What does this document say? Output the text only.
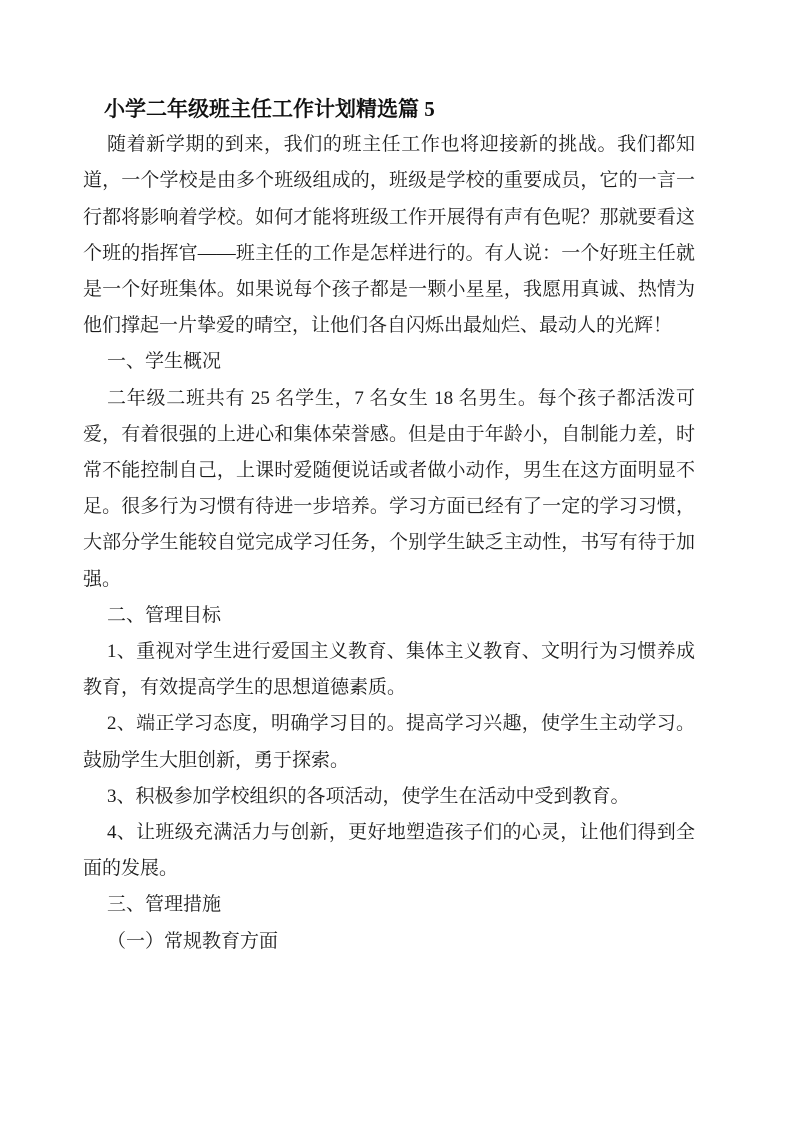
小学二年级班主任工作计划精选篇 5

随着新学期的到来，我们的班主任工作也将迎接新的挑战。我们都知道，一个学校是由多个班级组成的，班级是学校的重要成员，它的一言一行都将影响着学校。如何才能将班级工作开展得有声有色呢？那就要看这个班的指挥官——班主任的工作是怎样进行的。有人说：一个好班主任就是一个好班集体。如果说每个孩子都是一颗小星星，我愿用真诚、热情为他们撑起一片挚爱的晴空，让他们各自闪烁出最灿烂、最动人的光辉！

一、学生概况

二年级二班共有 25 名学生，7 名女生 18 名男生。每个孩子都活泼可爱，有着很强的上进心和集体荣誉感。但是由于年龄小，自制能力差，时常不能控制自己，上课时爱随便说话或者做小动作，男生在这方面明显不足。很多行为习惯有待进一步培养。学习方面已经有了一定的学习习惯，大部分学生能较自觉完成学习任务，个别学生缺乏主动性，书写有待于加强。

二、管理目标

1、重视对学生进行爱国主义教育、集体主义教育、文明行为习惯养成教育，有效提高学生的思想道德素质。

2、端正学习态度，明确学习目的。提高学习兴趣，使学生主动学习。鼓励学生大胆创新，勇于探索。

3、积极参加学校组织的各项活动，使学生在活动中受到教育。

4、让班级充满活力与创新，更好地塑造孩子们的心灵，让他们得到全面的发展。

三、管理措施

（一）常规教育方面
